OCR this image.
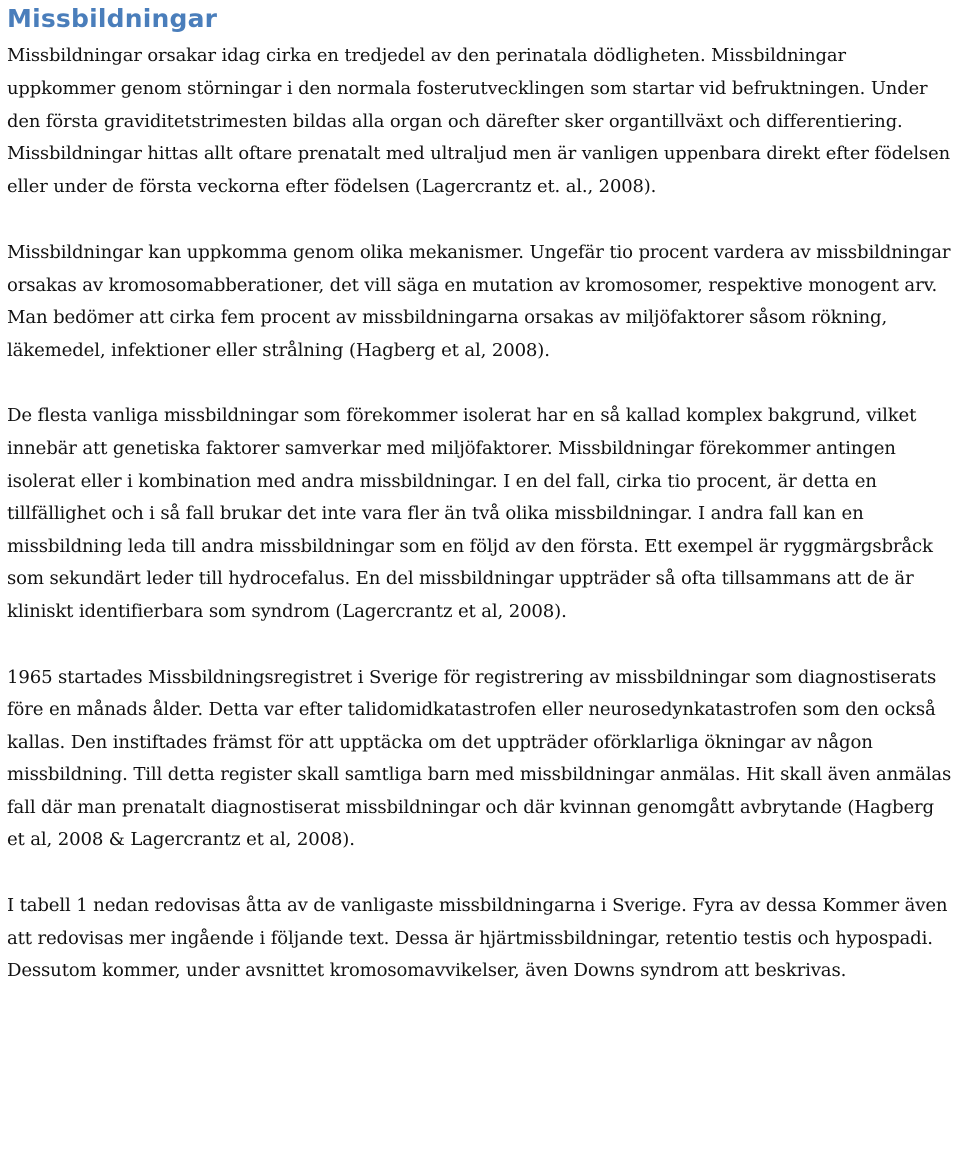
Missbildningar

Missbildningar orsakar idag cirka en tredjedel av den perinatala dödligheten. Missbildningar uppkommer genom störningar i den normala fosterutvecklingen som startar vid befruktningen. Under den första graviditetstrimesten bildas alla organ och därefter sker organtillväxt och differentiering. Missbildningar hittas allt oftare prenatalt med ultraljud men är vanligen uppenbara direkt efter födelsen eller under de första veckorna efter födelsen (Lagercrantz et. al., 2008).

Missbildningar kan uppkomma genom olika mekanismer. Ungefär tio procent vardera av missbildningar orsakas av kromosomabberationer, det vill säga en mutation av kromosomer, respektive monogent arv. Man bedömer att cirka fem procent av missbildningarna orsakas av miljöfaktorer såsom rökning, läkemedel, infektioner eller strålning (Hagberg et al, 2008).

De flesta vanliga missbildningar som förekommer isolerat har en så kallad komplex bakgrund, vilket innebär att genetiska faktorer samverkar med miljöfaktorer. Missbildningar förekommer antingen isolerat eller i kombination med andra missbildningar. I en del fall, cirka tio procent, är detta en tillfällighet och i så fall brukar det inte vara fler än två olika missbildningar. I andra fall kan en missbildning leda till andra missbildningar som en följd av den första. Ett exempel är ryggmärgsbråck som sekundärt leder till hydrocefalus. En del missbildningar uppträder så ofta tillsammans att de är kliniskt identifierbara som syndrom (Lagercrantz et al, 2008).

1965 startades Missbildningsregistret i Sverige för registrering av missbildningar som diagnostiserats före en månads ålder. Detta var efter talidomidkatastrofen eller neurosedynkatastrofen som den också kallas. Den instiftades främst för att upptäcka om det uppträder oförklarliga ökningar av någon missbildning. Till detta register skall samtliga barn med missbildningar anmälas. Hit skall även anmälas fall där man prenatalt diagnostiserat missbildningar och där kvinnan genomgått avbrytande (Hagberg et al, 2008 & Lagercrantz et al, 2008).

I tabell 1 nedan redovisas åtta av de vanligaste missbildningarna i Sverige. Fyra av dessa Kommer även att redovisas mer ingående i följande text. Dessa är hjärtmissbildningar, retentio testis och hypospadi. Dessutom kommer, under avsnittet kromosomavvikelser, även Downs syndrom att beskrivas.
